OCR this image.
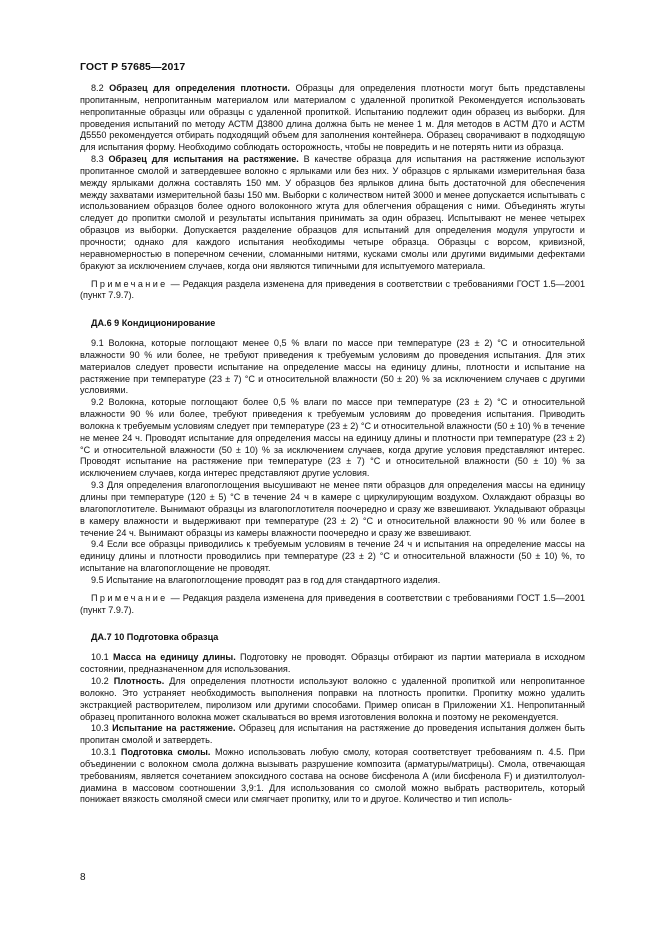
ГОСТ Р 57685—2017

8.2 Образец для определения плотности. Образцы для определения плотности могут быть представлены пропитанным, непропитанным материалом или материалом с удаленной пропиткой Рекомендуется использовать непропитанные образцы или образцы с удаленной пропиткой. Испытанию подлежит один образец из выборки. Для проведения испытаний по методу АСТМ Д3800 длина должна быть не менее 1 м. Для методов в АСТМ Д70 и АСТМ Д5550 рекомендуется отбирать подходящий объем для заполнения контейнера. Образец сворачивают в подходящую для испытания форму. Необходимо соблюдать осторожность, чтобы не повредить и не потерять нити из образца.

8.3 Образец для испытания на растяжение. В качестве образца для испытания на растяжение используют пропитанное смолой и затвердевшее волокно с ярлыками или без них. У образцов с ярлыками измерительная база между ярлыками должна составлять 150 мм. У образцов без ярлыков длина быть достаточной для обеспечения между захватами измерительной базы 150 мм. Выборки с количеством нитей 3000 и менее допускается испытывать с использованием образцов более одного волоконного жгута для облегчения обращения с ними. Объединять жгуты следует до пропитки смолой и результаты испытания принимать за один образец. Испытывают не менее четырех образцов из выборки. Допускается разделение образцов для испытаний для определения модуля упругости и прочности; однако для каждого испытания необходимы четыре образца. Образцы с ворсом, кривизной, неравномерностью в поперечном сечении, сломанными нитями, кусками смолы или другими видимыми дефектами бракуют за исключением случаев, когда они являются типичными для испытуемого материала.

Примечание — Редакция раздела изменена для приведения в соответствии с требованиями ГОСТ 1.5—2001 (пункт 7.9.7).

ДА.6 9 Кондиционирование

9.1 Волокна, которые поглощают менее 0,5 % влаги по массе при температуре (23 ± 2) °С и относительной влажности 90 % или более, не требуют приведения к требуемым условиям до проведения испытания. Для этих материалов следует провести испытание на определение массы на единицу длины, плотности и испытание на растяжение при температуре (23 ± 7) °С и относительной влажности (50 ± 20) % за исключением случаев с другими условиями.

9.2 Волокна, которые поглощают более 0,5 % влаги по массе при температуре (23 ± 2) °С и относительной влажности 90 % или более, требуют приведения к требуемым условиям до проведения испытания. Приводить волокна к требуемым условиям следует при температуре (23 ± 2) °С и относительной влажности (50 ± 10) % в течение не менее 24 ч. Проводят испытание для определения массы на единицу длины и плотности при температуре (23 ± 2) °С и относительной влажности (50 ± 10) % за исключением случаев, когда другие условия представляют интерес. Проводят испытание на растяжение при температуре (23 ± 7) °С и относительной влажности (50 ± 10) % за исключением случаев, когда интерес представляют другие условия.

9.3 Для определения влагопоглощения высушивают не менее пяти образцов для определения массы на единицу длины при температуре (120 ± 5) °С в течение 24 ч в камере с циркулирующим воздухом. Охлаждают образцы во влагопоглотителе. Вынимают образцы из влагопоглотителя поочередно и сразу же взвешивают. Укладывают образцы в камеру влажности и выдерживают при температуре (23 ± 2) °С и относительной влажности 90 % или более в течение 24 ч. Вынимают образцы из камеры влажности поочередно и сразу же взвешивают.

9.4 Если все образцы приводились к требуемым условиям в течение 24 ч и испытания на определение массы на единицу длины и плотности проводились при температуре (23 ± 2) °С и относительной влажности (50 ± 10) %, то испытание на влагопоглощение не проводят.

9.5 Испытание на влагопоглощение проводят раз в год для стандартного изделия.

Примечание — Редакция раздела изменена для приведения в соответствии с требованиями ГОСТ 1.5—2001 (пункт 7.9.7).

ДА.7 10 Подготовка образца

10.1 Масса на единицу длины. Подготовку не проводят. Образцы отбирают из партии материала в исходном состоянии, предназначенном для использования.

10.2 Плотность. Для определения плотности используют волокно с удаленной пропиткой или непропитанное волокно. Это устраняет необходимость выполнения поправки на плотность пропитки. Пропитку можно удалить экстракцией растворителем, пиролизом или другими способами. Пример описан в Приложении Х1. Непропитанный образец пропитанного волокна может скалываться во время изготовления волокна и поэтому не рекомендуется.

10.3 Испытание на растяжение. Образец для испытания на растяжение до проведения испытания должен быть пропитан смолой и затвердеть.

10.3.1 Подготовка смолы. Можно использовать любую смолу, которая соответствует требованиям п. 4.5. При объединении с волокном смола должна вызывать разрушение композита (арматуры/матрицы). Смола, отвечающая требованиям, является сочетанием эпоксидного состава на основе бисфенола А (или бисфенола F) и диэтилтолуол-диамина в массовом соотношении 3,9:1. Для использования со смолой можно выбрать растворитель, который понижает вязкость смоляной смеси или смягчает пропитку, или то и другое. Количество и тип исполь-

8
